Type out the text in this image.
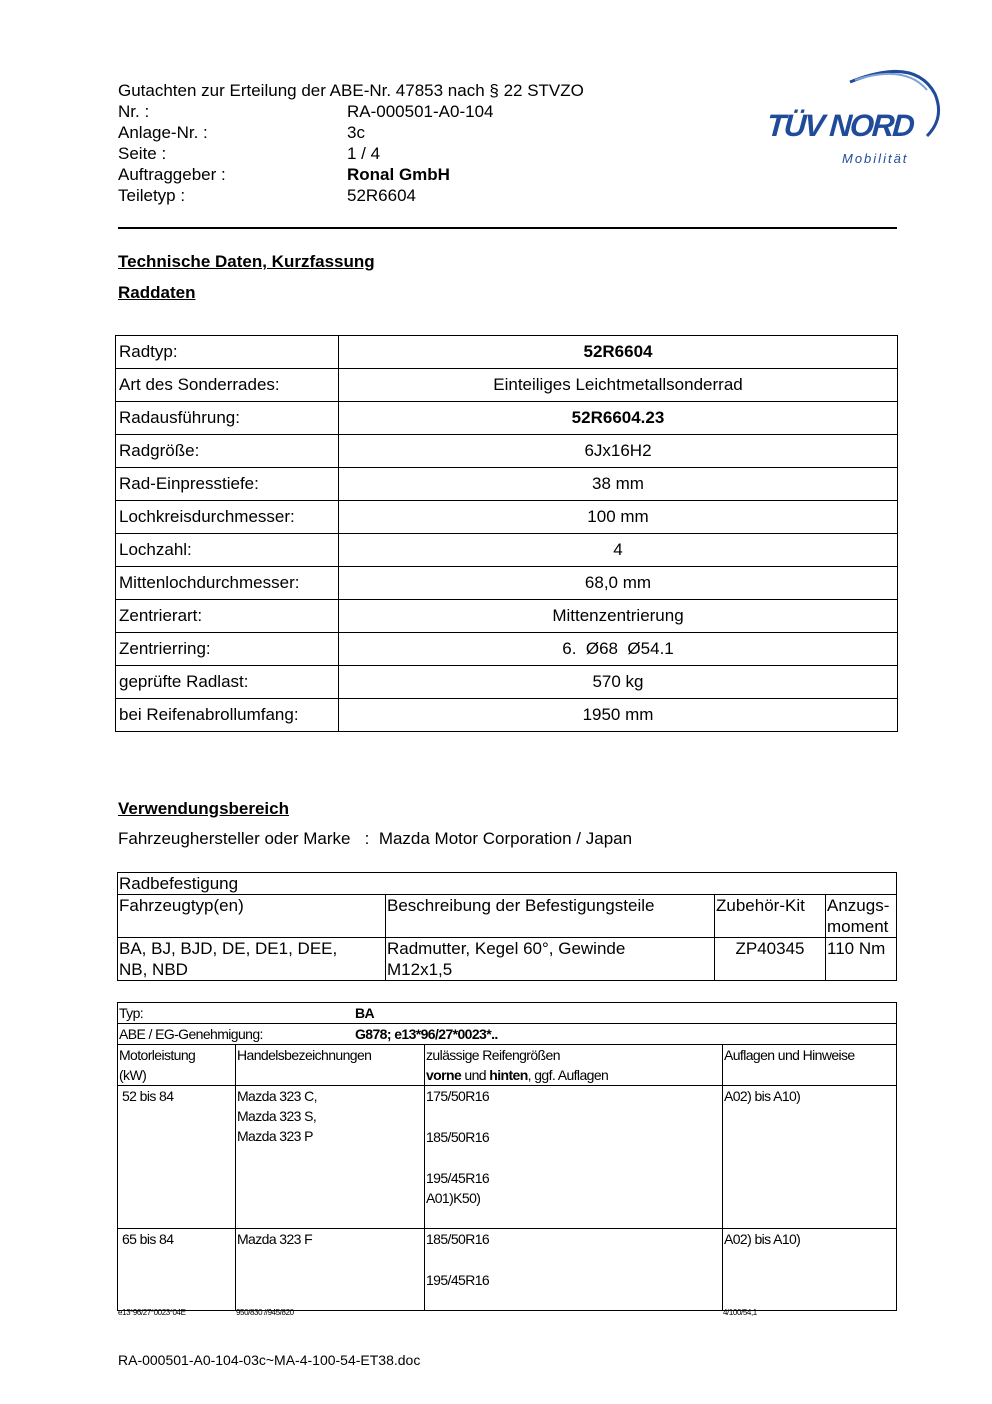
Gutachten zur Erteilung der ABE-Nr. 47853 nach § 22 STVZO
Nr. :	RA-000501-A0-104
Anlage-Nr. :	3c
Seite :	1 / 4
Auftraggeber :	Ronal GmbH
Teiletyp :	52R6604
TÜV NORD
Mobilität
Technische Daten, Kurzfassung
Raddaten
Radtyp:	52R6604
Art des Sonderrades:	Einteiliges Leichtmetallsonderrad
Radausführung:	52R6604.23
Radgröße:	6Jx16H2
Rad-Einpresstiefe:	38 mm
Lochkreisdurchmesser:	100 mm
Lochzahl:	4
Mittenlochdurchmesser:	68,0 mm
Zentrierart:	Mittenzentrierung
Zentrierring:	6.  Ø68  Ø54.1
geprüfte Radlast:	570 kg
bei Reifenabrollumfang:	1950 mm
Verwendungsbereich
Fahrzeughersteller oder Marke : Mazda Motor Corporation / Japan
Radbefestigung			
Fahrzeugtyp(en)	Beschreibung der Befestigungsteile	Zubehör-Kit	Anzugs-
moment

BA, BJ, BJD, DE, DE1, DEE,
NB, NBD	Radmutter, Kegel 60°, Gewinde
M12x1,5	ZP40345	110 Nm
Typ: BA			
ABE / EG-Genehmigung: G878; e13*96/27*0023*..			

Motorleistung
(kW)	Handelsbezeichnungen	zulässige Reifengrößen
vorne und hinten, ggf. Auflagen	Auflagen und Hinweise
52 bis 84	Mazda 323 C,
Mazda 323 S,
Mazda 323 P	175/50R16
185/50R16
195/45R16
A01)K50)	A02) bis A10)
65 bis 84	Mazda 323 F	185/50R16
195/45R16	A02) bis A10)
e13*96/27*0023*04E	950/830 //945/820	4/100/54,1
RA-000501-A0-104-03c~MA-4-100-54-ET38.doc
